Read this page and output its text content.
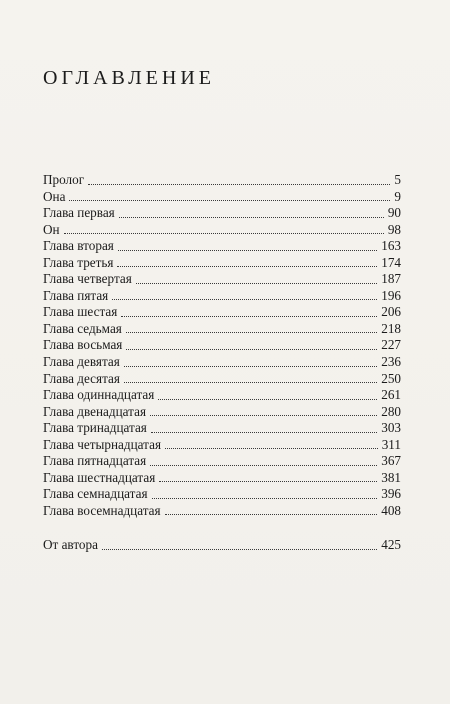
ОГЛАВЛЕНИЕ
Пролог	5
Она	9
Глава первая	90
Он	98
Глава вторая	163
Глава третья	174
Глава четвертая	187
Глава пятая	196
Глава шестая	206
Глава седьмая	218
Глава восьмая	227
Глава девятая	236
Глава десятая	250
Глава одиннадцатая	261
Глава двенадцатая	280
Глава тринадцатая	303
Глава четырнадцатая	311
Глава пятнадцатая	367
Глава шестнадцатая	381
Глава семнадцатая	396
Глава восемнадцатая	408
От автора	425
